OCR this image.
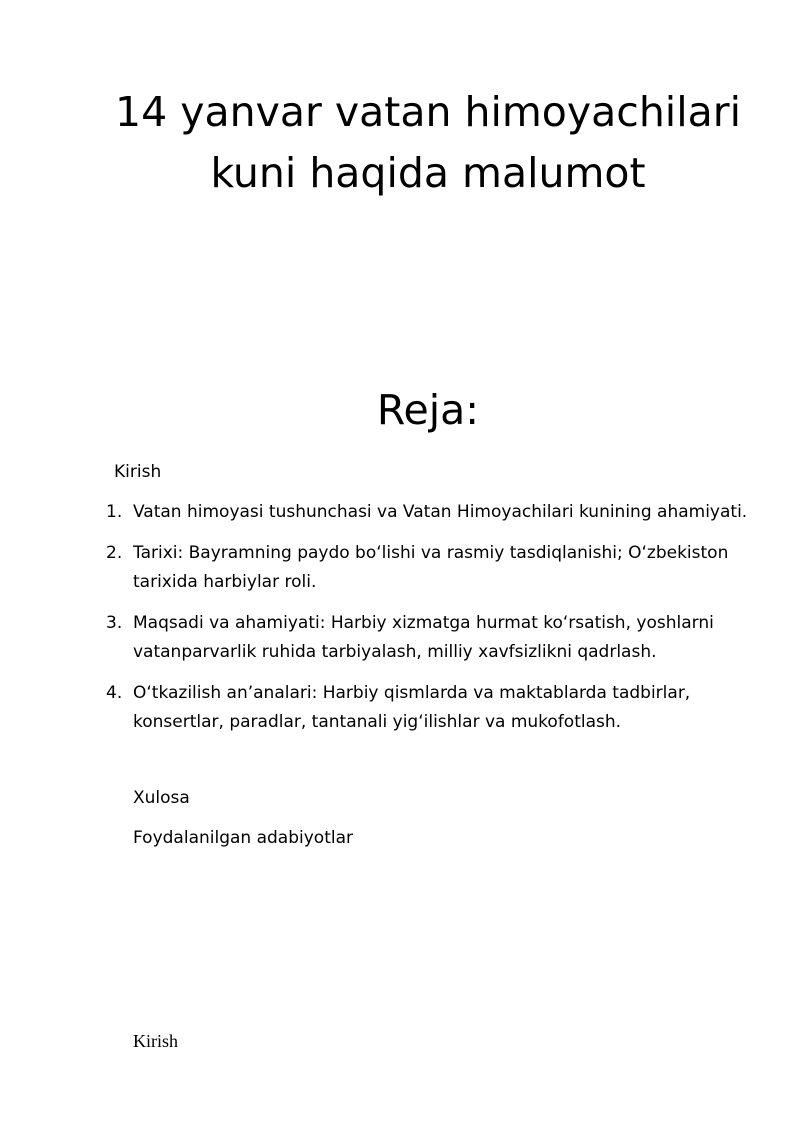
14 yanvar vatan himoyachilari kuni haqida malumot
Reja:
Kirish
1. Vatan himoyasi tushunchasi va Vatan Himoyachilari kunining ahamiyati.
2. Tarixi: Bayramning paydo boʻlishi va rasmiy tasdiqlanishi; Oʻzbekiston tarixida harbiylar roli.
3. Maqsadi va ahamiyati: Harbiy xizmatga hurmat koʻrsatish, yoshlarni vatanparvarlik ruhida tarbiyalash, milliy xavfsizlikni qadrlash.
4. Oʻtkazilish anʼanalari: Harbiy qismlarda va maktablarda tadbirlar, konsertlar, paradlar, tantanali yigʻilishlar va mukofotlash.
Xulosa
Foydalanilgan adabiyotlar
Kirish
